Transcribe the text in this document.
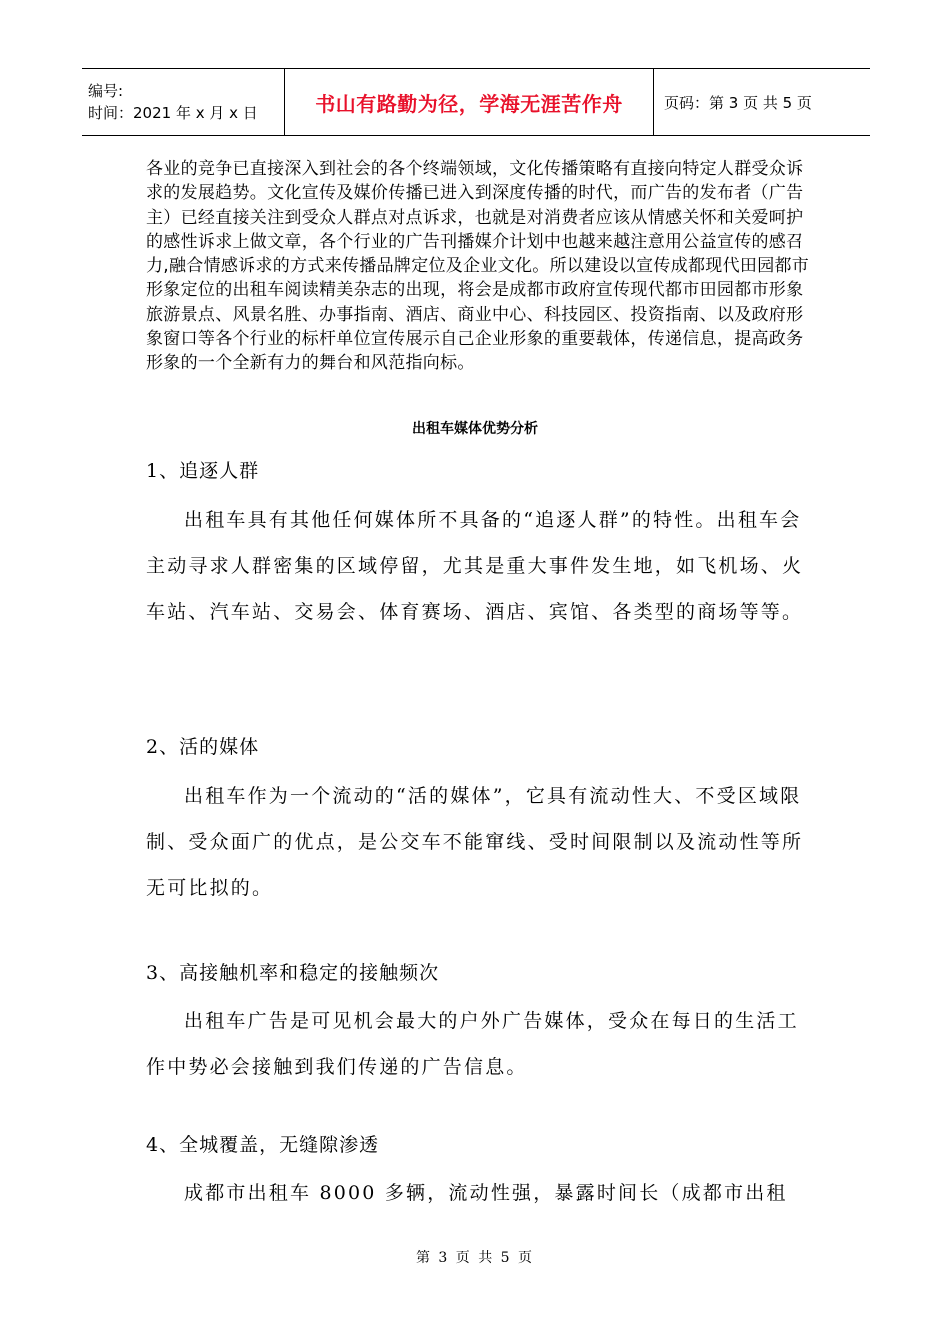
编号:
时间：2021 年 x 月 x 日	书山有路勤为径，学海无涯苦作舟	页码：第 3 页 共 5 页

各业的竞争已直接深入到社会的各个终端领域，文化传播策略有直接向特定人群受众诉求的发展趋势。文化宣传及媒价传播已进入到深度传播的时代，而广告的发布者（广告主）已经直接关注到受众人群点对点诉求，也就是对消费者应该从情感关怀和关爱呵护的感性诉求上做文章，各个行业的广告刊播媒介计划中也越来越注意用公益宣传的感召力,融合情感诉求的方式来传播品牌定位及企业文化。所以建设以宣传成都现代田园都市形象定位的出租车阅读精美杂志的出现，将会是成都市政府宣传现代都市田园都市形象旅游景点、风景名胜、办事指南、酒店、商业中心、科技园区、投资指南、以及政府形象窗口等各个行业的标杆单位宣传展示自己企业形象的重要载体，传递信息，提高政务形象的一个全新有力的舞台和风范指向标。

出租车媒体优势分析

1、追逐人群

出租车具有其他任何媒体所不具备的“追逐人群”的特性。出租车会主动寻求人群密集的区域停留，尤其是重大事件发生地，如飞机场、火车站、汽车站、交易会、体育赛场、酒店、宾馆、各类型的商场等等。

2、活的媒体

出租车作为一个流动的“活的媒体”，它具有流动性大、不受区域限制、受众面广的优点，是公交车不能窜线、受时间限制以及流动性等所无可比拟的。

3、高接触机率和稳定的接触频次

出租车广告是可见机会最大的户外广告媒体，受众在每日的生活工作中势必会接触到我们传递的广告信息。

4、全城覆盖，无缝隙渗透

成都市出租车 8000 多辆，流动性强，暴露时间长（成都市出租

第 3 页 共 5 页
